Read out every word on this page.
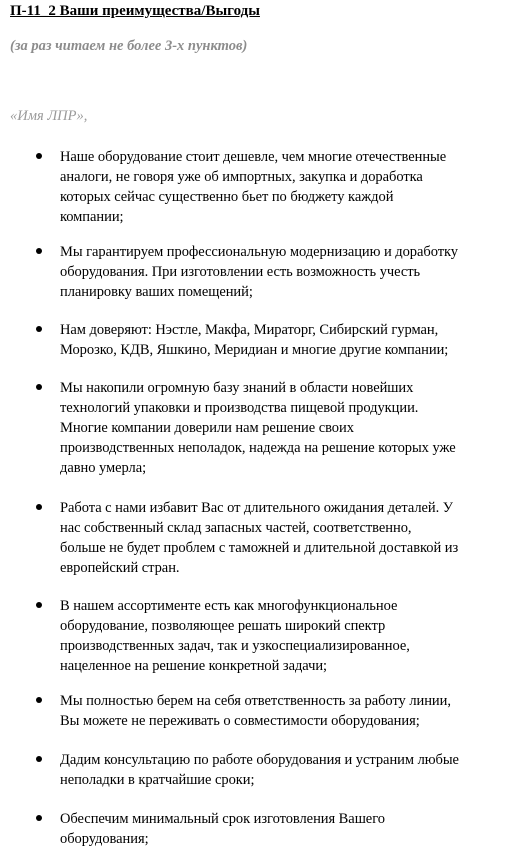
П-11_2 Ваши преимущества/Выгоды
(за раз читаем не более 3-х пунктов)
«Имя ЛПР»,
Наше оборудование стоит дешевле, чем многие отечественные
аналоги, не говоря уже об импортных, закупка и доработка
которых сейчас существенно бьет по бюджету каждой
компании;
Мы гарантируем профессиональную модернизацию и доработку
оборудования. При изготовлении есть возможность учесть
планировку ваших помещений;
Нам доверяют: Нэстле, Макфа, Мираторг, Сибирский гурман,
Морозко, КДВ, Яшкино, Меридиан и многие другие компании;
Мы накопили огромную базу знаний в области новейших
технологий упаковки и производства пищевой продукции.
Многие компании доверили нам решение своих
производственных неполадок, надежда на решение которых уже
давно умерла;
Работа с нами избавит Вас от длительного ожидания деталей. У
нас собственный склад запасных частей, соответственно,
больше не будет проблем с таможней и длительной доставкой из
европейский стран.
В нашем ассортименте есть как многофункциональное
оборудование, позволяющее решать широкий спектр
производственных задач, так и узкоспециализированное,
нацеленное на решение конкретной задачи;
Мы полностью берем на себя ответственность за работу линии,
Вы можете не переживать о совместимости оборудования;
Дадим консультацию по работе оборудования и устраним любые
неполадки в кратчайшие сроки;
Обеспечим минимальный срок изготовления Вашего
оборудования;
